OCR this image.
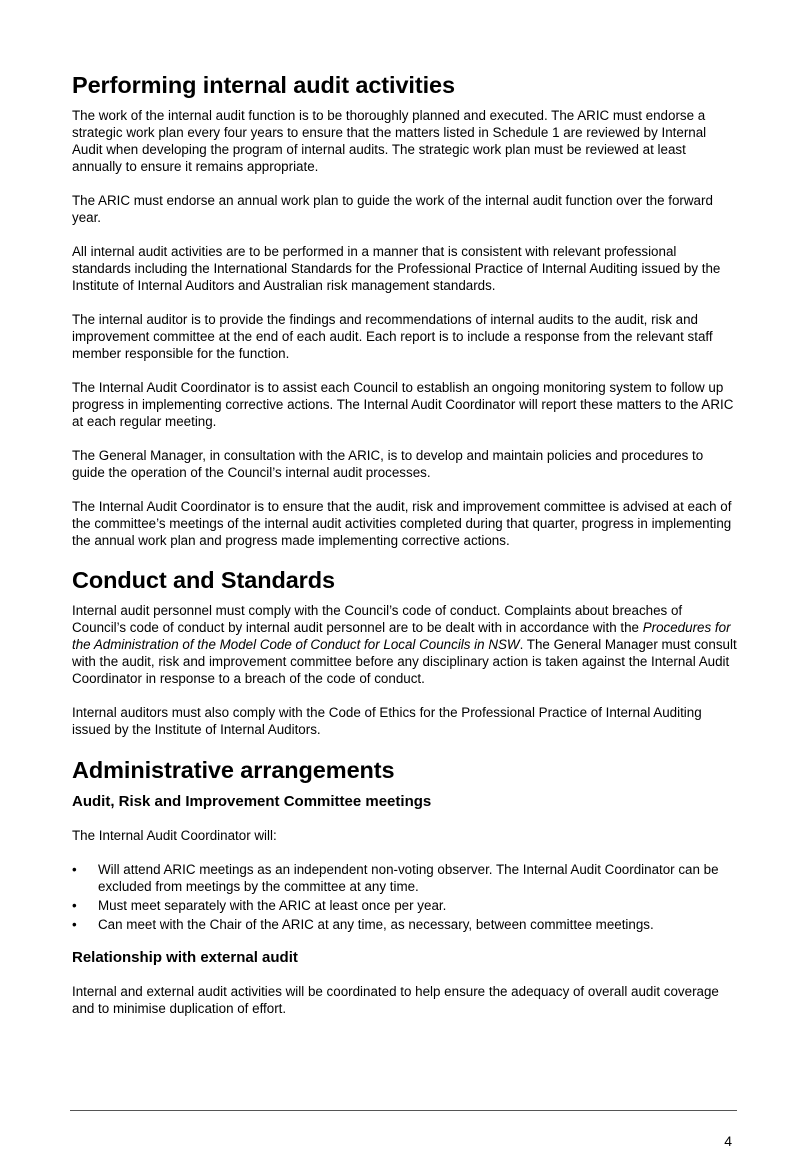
Performing internal audit activities

The work of the internal audit function is to be thoroughly planned and executed. The ARIC must endorse a strategic work plan every four years to ensure that the matters listed in Schedule 1 are reviewed by Internal Audit when developing the program of internal audits. The strategic work plan must be reviewed at least annually to ensure it remains appropriate.

The ARIC must endorse an annual work plan to guide the work of the internal audit function over the forward year.

All internal audit activities are to be performed in a manner that is consistent with relevant professional standards including the International Standards for the Professional Practice of Internal Auditing issued by the Institute of Internal Auditors and Australian risk management standards.

The internal auditor is to provide the findings and recommendations of internal audits to the audit, risk and improvement committee at the end of each audit. Each report is to include a response from the relevant staff member responsible for the function.

The Internal Audit Coordinator is to assist each Council to establish an ongoing monitoring system to follow up progress in implementing corrective actions. The Internal Audit Coordinator will report these matters to the ARIC at each regular meeting.

The General Manager, in consultation with the ARIC, is to develop and maintain policies and procedures to guide the operation of the Council’s internal audit processes.

The Internal Audit Coordinator is to ensure that the audit, risk and improvement committee is advised at each of the committee’s meetings of the internal audit activities completed during that quarter, progress in implementing the annual work plan and progress made implementing corrective actions.

Conduct and Standards

Internal audit personnel must comply with the Council’s code of conduct. Complaints about breaches of Council’s code of conduct by internal audit personnel are to be dealt with in accordance with the Procedures for the Administration of the Model Code of Conduct for Local Councils in NSW. The General Manager must consult with the audit, risk and improvement committee before any disciplinary action is taken against the Internal Audit Coordinator in response to a breach of the code of conduct.

Internal auditors must also comply with the Code of Ethics for the Professional Practice of Internal Auditing issued by the Institute of Internal Auditors.

Administrative arrangements
Audit, Risk and Improvement Committee meetings

The Internal Audit Coordinator will:

• Will attend ARIC meetings as an independent non-voting observer. The Internal Audit Coordinator can be excluded from meetings by the committee at any time.
• Must meet separately with the ARIC at least once per year.
• Can meet with the Chair of the ARIC at any time, as necessary, between committee meetings.
Relationship with external audit

Internal and external audit activities will be coordinated to help ensure the adequacy of overall audit coverage and to minimise duplication of effort.

4
